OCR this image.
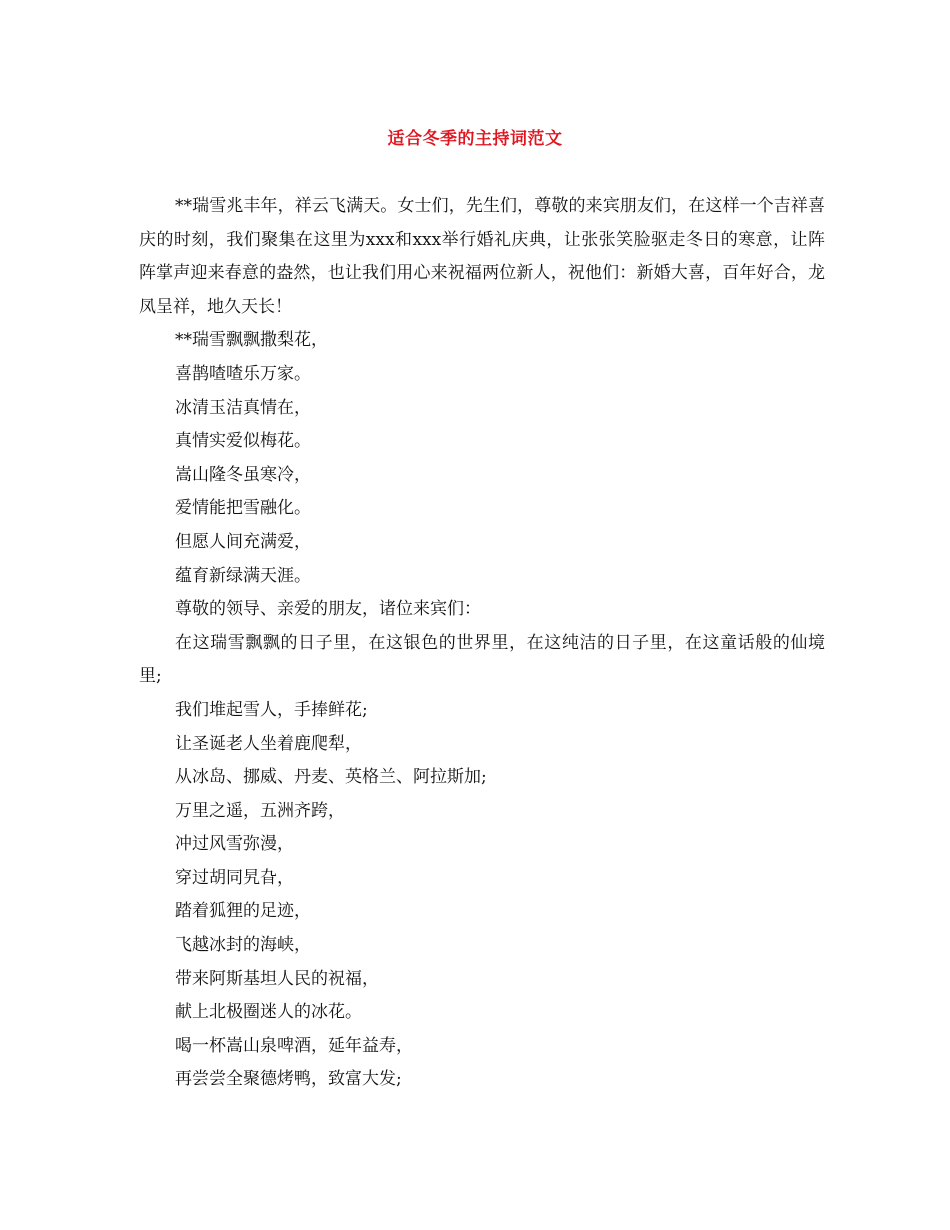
适合冬季的主持词范文

**瑞雪兆丰年，祥云飞满天。女士们，先生们，尊敬的来宾朋友们，在这样一个吉祥喜庆的时刻，我们聚集在这里为xxx和xxx举行婚礼庆典，让张张笑脸驱走冬日的寒意，让阵阵掌声迎来春意的盎然，也让我们用心来祝福两位新人，祝他们：新婚大喜，百年好合，龙凤呈祥，地久天长！

**瑞雪飘飘撒梨花，

喜鹊喳喳乐万家。

冰清玉洁真情在，

真情实爱似梅花。

嵩山隆冬虽寒冷，

爱情能把雪融化。

但愿人间充满爱，

蕴育新绿满天涯。

尊敬的领导、亲爱的朋友，诸位来宾们：

在这瑞雪飘飘的日子里，在这银色的世界里，在这纯洁的日子里，在这童话般的仙境里;

我们堆起雪人，手捧鲜花;

让圣诞老人坐着鹿爬犁，

从冰岛、挪威、丹麦、英格兰、阿拉斯加;

万里之遥，五洲齐跨，

冲过风雪弥漫，

穿过胡同旯旮，

踏着狐狸的足迹，

飞越冰封的海峡，

带来阿斯基坦人民的祝福，

献上北极圈迷人的冰花。

喝一杯嵩山泉啤酒，延年益寿，

再尝尝全聚德烤鸭，致富大发;
